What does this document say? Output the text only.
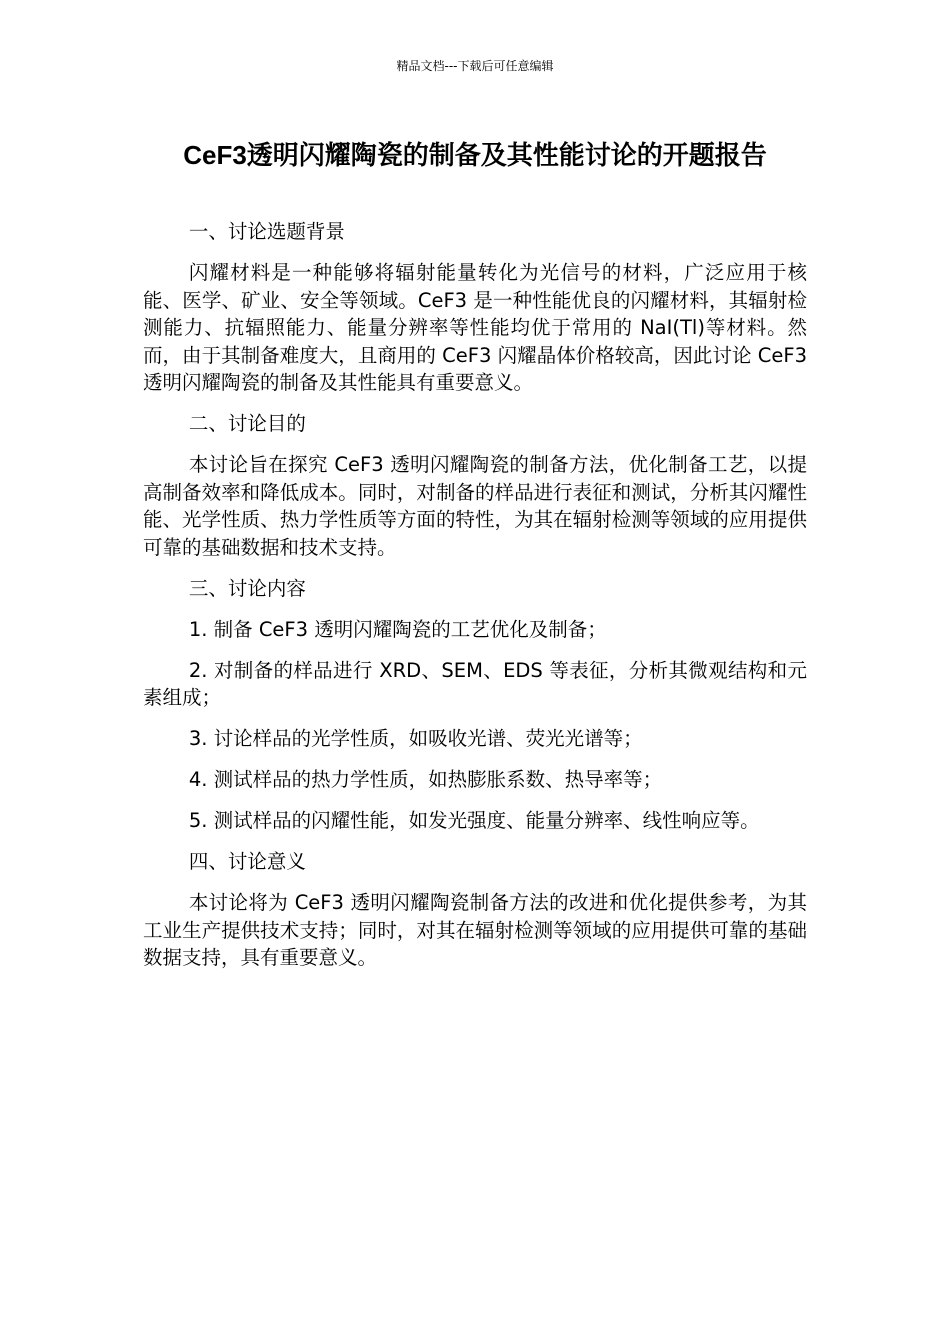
精品文档---下载后可任意编辑
CeF3透明闪耀陶瓷的制备及其性能讨论的开题报告

一、讨论选题背景

闪耀材料是一种能够将辐射能量转化为光信号的材料，广泛应用于核能、医学、矿业、安全等领域。CeF3 是一种性能优良的闪耀材料，其辐射检测能力、抗辐照能力、能量分辨率等性能均优于常用的 NaI(Tl)等材料。然而，由于其制备难度大，且商用的 CeF3 闪耀晶体价格较高，因此讨论 CeF3 透明闪耀陶瓷的制备及其性能具有重要意义。

二、讨论目的

本讨论旨在探究 CeF3 透明闪耀陶瓷的制备方法，优化制备工艺，以提高制备效率和降低成本。同时，对制备的样品进行表征和测试，分析其闪耀性能、光学性质、热力学性质等方面的特性，为其在辐射检测等领域的应用提供可靠的基础数据和技术支持。

三、讨论内容

1. 制备 CeF3 透明闪耀陶瓷的工艺优化及制备；

2. 对制备的样品进行 XRD、SEM、EDS 等表征，分析其微观结构和元素组成；

3. 讨论样品的光学性质，如吸收光谱、荧光光谱等；

4. 测试样品的热力学性质，如热膨胀系数、热导率等；

5. 测试样品的闪耀性能，如发光强度、能量分辨率、线性响应等。

四、讨论意义

本讨论将为 CeF3 透明闪耀陶瓷制备方法的改进和优化提供参考，为其工业生产提供技术支持；同时，对其在辐射检测等领域的应用提供可靠的基础数据支持，具有重要意义。
